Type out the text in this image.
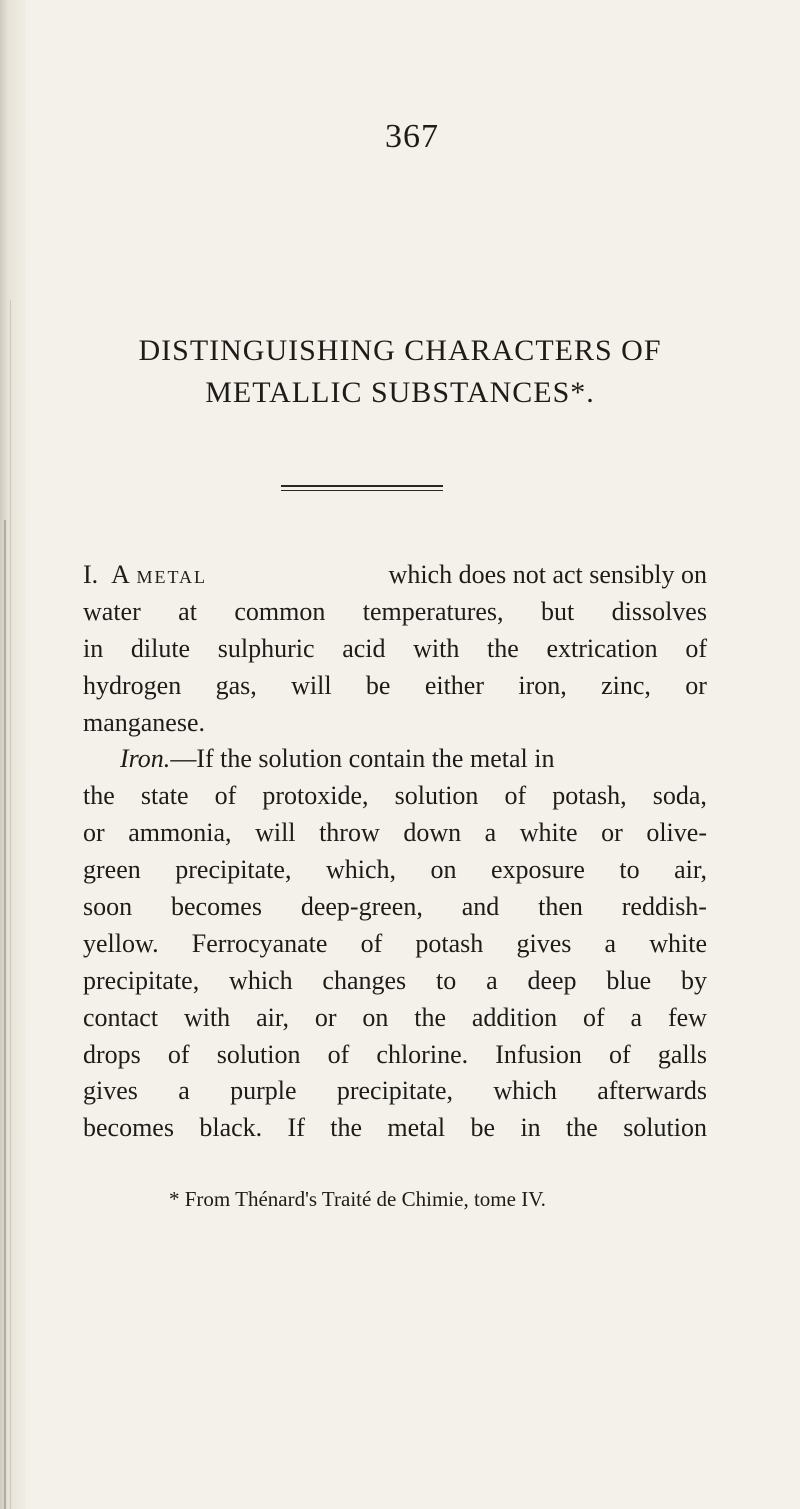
367
DISTINGUISHING CHARACTERS OF
METALLIC SUBSTANCES*.
I. A metal	which does not act sensibly on
water at common temperatures, but dissolves
in dilute sulphuric acid with the extrication of
hydrogen gas, will be either iron, zinc, or
manganese.
Iron. —If the solution contain the metal in
the state of protoxide, solution of potash, soda,
or ammonia, will throw down a white or olive-
green precipitate, which, on exposure to air,
soon becomes deep-green, and then reddish-
yellow. Ferrocyanate of potash gives a white
precipitate, which changes to a deep blue by
contact with air, or on the addition of a few
drops of solution of chlorine. Infusion of galls
gives a purple precipitate, which afterwards
becomes black. If the metal be in the solution
* From Thénard's Traité de Chimie, tome IV.
